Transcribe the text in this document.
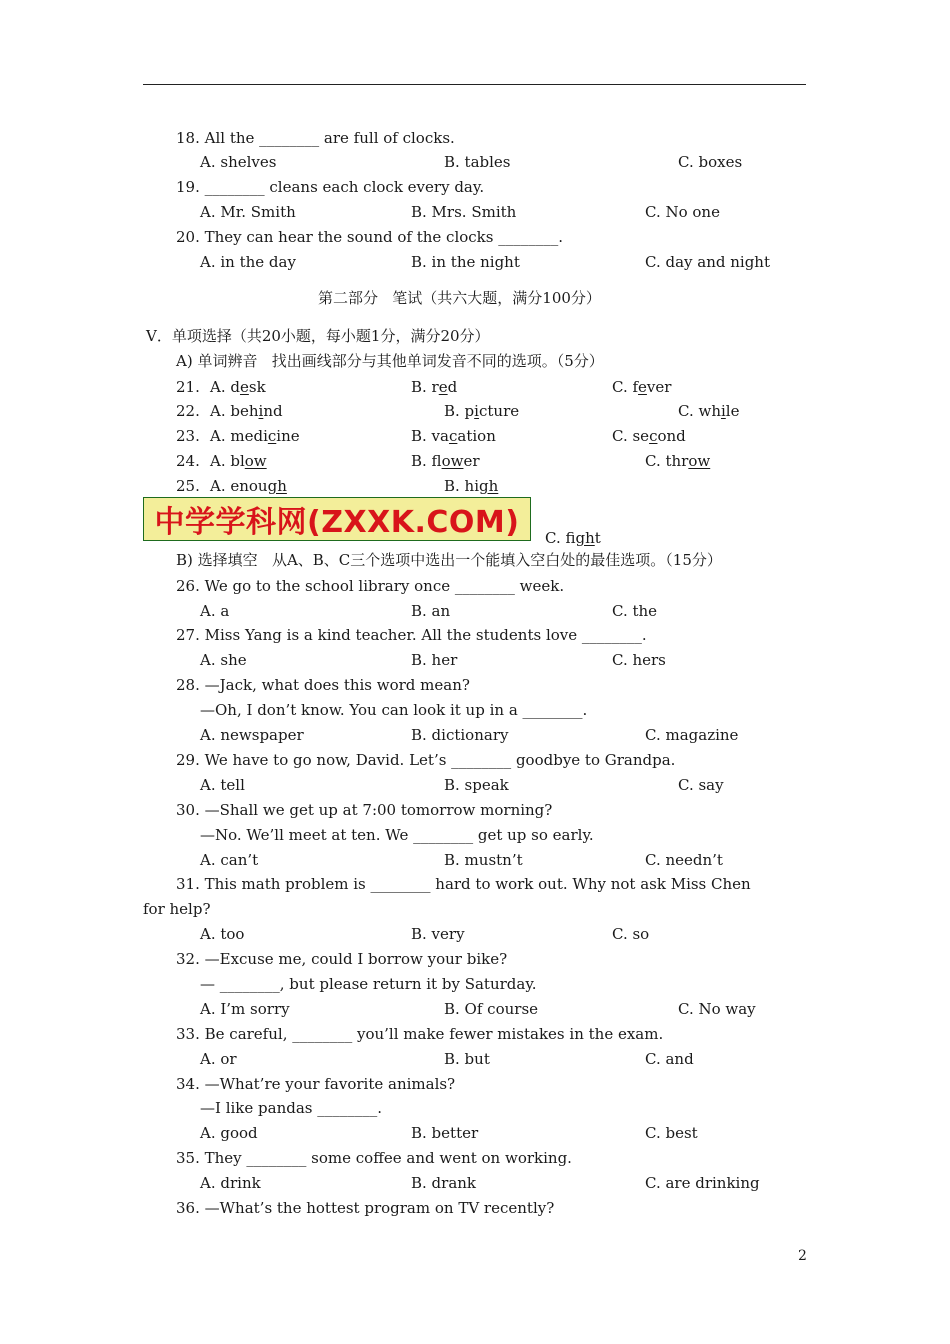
18. All the ________ are full of clocks.
A. shelves	B. tables	C. boxes
19. ________ cleans each clock every day.
A. Mr. Smith	B. Mrs. Smith	C. No one
20. They can hear the sound of the clocks ________.
A. in the day	B. in the night	C. day and night
第二部分   笔试（共六大题，满分100分）
V．单项选择（共20小题，每小题1分，满分20分）
A) 单词辨音   找出画线部分与其他单词发音不同的选项。（5分）
21. A. desk	B. red	C. fever
22. A. behind	B. picture	C. while
23. A. medicine	B. vacation	C. second
24. A. blow	B. flower	C. throw
25. A. enough	B. high
中学学科网(ZXXK.COM)	C. fight
B) 选择填空   从A、B、C三个选项中选出一个能填入空白处的最佳选项。（15分）
26. We go to the school library once ________ week.
A. a	B. an	C. the
27. Miss Yang is a kind teacher. All the students love ________.
A. she	B. her	C. hers
28. —Jack, what does this word mean?
—Oh, I don’t know. You can look it up in a ________.
A. newspaper	B. dictionary	C. magazine
29. We have to go now, David. Let’s ________ goodbye to Grandpa.
A. tell	B. speak	C. say
30. —Shall we get up at 7:00 tomorrow morning?
—No. We’ll meet at ten. We ________ get up so early.
A. can’t	B. mustn’t	C. needn’t
31. This math problem is ________ hard to work out. Why not ask Miss Chen
for help?
A. too	B. very	C. so
32. —Excuse me, could I borrow your bike?
— ________, but please return it by Saturday.
A. I’m sorry	B. Of course	C. No way
33. Be careful, ________ you’ll make fewer mistakes in the exam.
A. or	B. but	C. and
34. —What’re your favorite animals?
—I like pandas ________.
A. good	B. better	C. best
35. They ________ some coffee and went on working.
A. drink	B. drank	C. are drinking
36. —What’s the hottest program on TV recently?
2
